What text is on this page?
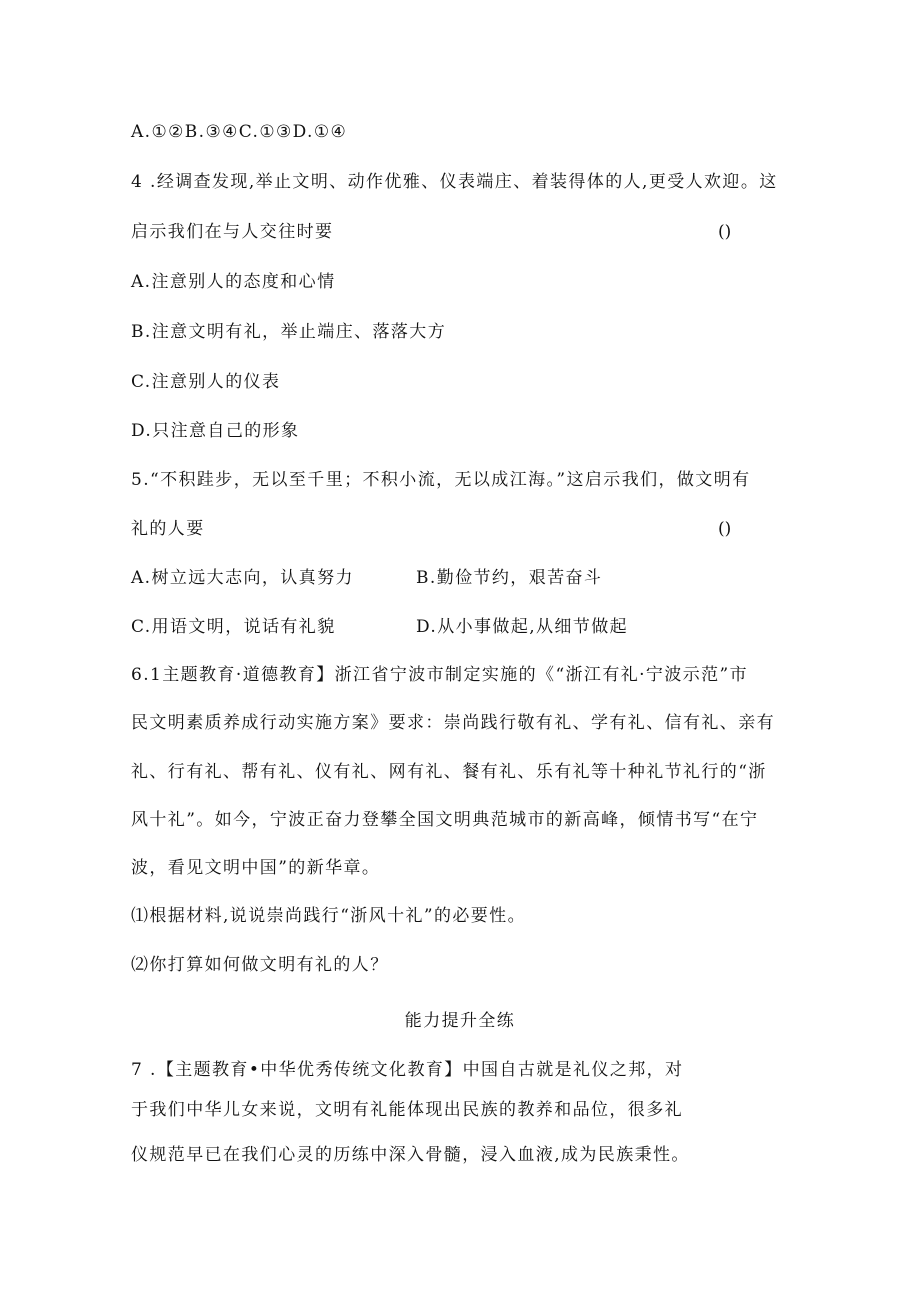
A.①②B.③④C.①③D.①④
4 .经调查发现,举止文明、动作优雅、仪表端庄、着装得体的人,更受人欢迎。这
启示我们在与人交往时要	()
A.注意别人的态度和心情
B.注意文明有礼，举止端庄、落落大方
C.注意别人的仪表
D.只注意自己的形象
5.“不积跬步，无以至千里；不积小流，无以成江海。”这启示我们，做文明有
礼的人要	()
A.树立远大志向，认真努力	B.勤俭节约，艰苦奋斗
C.用语文明，说话有礼貌	D.从小事做起,从细节做起
6.1主题教育·道德教育】浙江省宁波市制定实施的《“浙江有礼·宁波示范”市
民文明素质养成行动实施方案》要求：崇尚践行敬有礼、学有礼、信有礼、亲有
礼、行有礼、帮有礼、仪有礼、网有礼、餐有礼、乐有礼等十种礼节礼行的“浙
风十礼”。如今，宁波正奋力登攀全国文明典范城市的新高峰，倾情书写“在宁
波，看见文明中国”的新华章。
⑴根据材料,说说崇尚践行“浙风十礼”的必要性。
⑵你打算如何做文明有礼的人？
能力提升全练
7 .【主题教育•中华优秀传统文化教育】中国自古就是礼仪之邦，对
于我们中华儿女来说，文明有礼能体现出民族的教养和品位，很多礼
仪规范早已在我们心灵的历练中深入骨髓，浸入血液,成为民族秉性。
